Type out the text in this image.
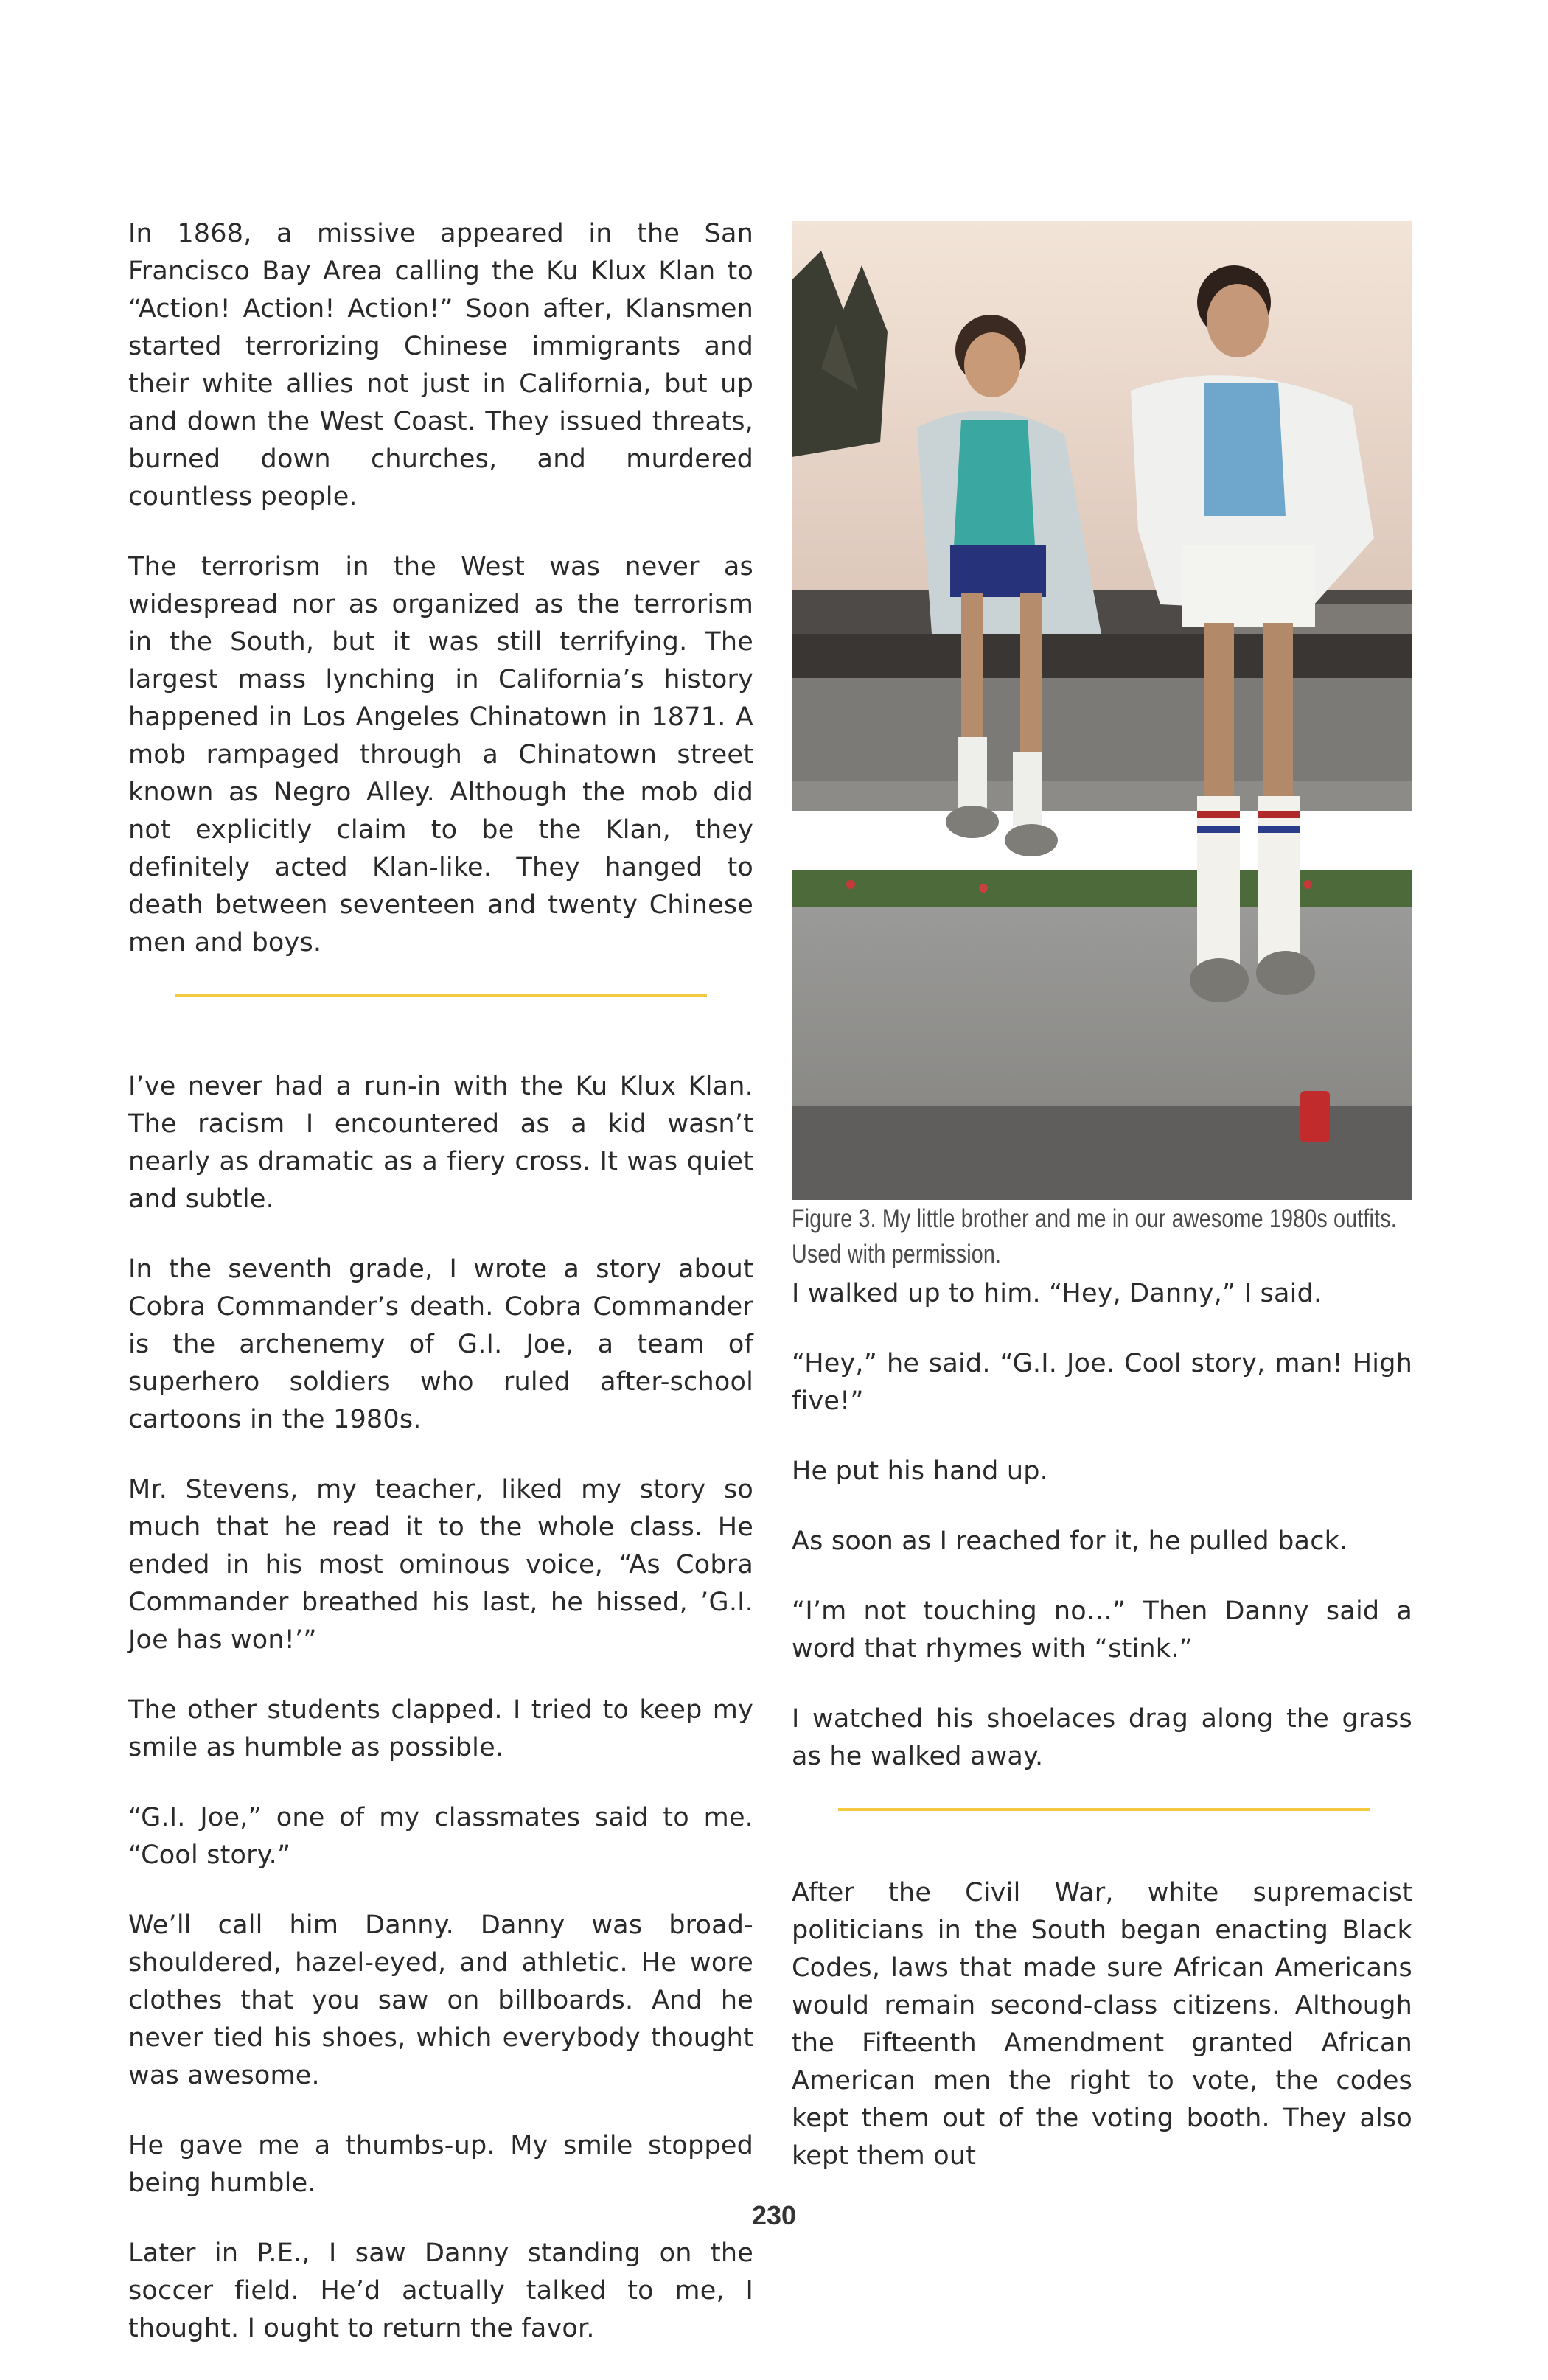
In 1868, a missive appeared in the San Francisco Bay Area calling the Ku Klux Klan to “Action! Action! Action!” Soon after, Klansmen started terrorizing Chinese immigrants and their white allies not just in California, but up and down the West Coast. They issued threats, burned down churches, and murdered countless people.

The terrorism in the West was never as widespread nor as organized as the terrorism in the South, but it was still terrifying. The largest mass lynching in California’s history happened in Los Angeles Chinatown in 1871. A mob rampaged through a Chinatown street known as Negro Alley. Although the mob did not explicitly claim to be the Klan, they definitely acted Klan-like. They hanged to death between seventeen and twenty Chinese men and boys.

I’ve never had a run-in with the Ku Klux Klan. The racism I encountered as a kid wasn’t nearly as dramatic as a fiery cross. It was quiet and subtle.

In the seventh grade, I wrote a story about Cobra Commander’s death. Cobra Commander is the archenemy of G.I. Joe, a team of superhero soldiers who ruled after-school cartoons in the 1980s.

Mr. Stevens, my teacher, liked my story so much that he read it to the whole class. He ended in his most ominous voice, “As Cobra Commander breathed his last, he hissed, ’G.I. Joe has won!’”

The other students clapped. I tried to keep my smile as humble as possible.

“G.I. Joe,” one of my classmates said to me. “Cool story.”

We’ll call him Danny. Danny was broad-shouldered, hazel-eyed, and athletic. He wore clothes that you saw on billboards. And he never tied his shoes, which everybody thought was awesome.

He gave me a thumbs-up. My smile stopped being humble.

Later in P.E., I saw Danny standing on the soccer field. He’d actually talked to me, I thought. I ought to return the favor.

Figure 3. My little brother and me in our awesome 1980s outfits.

Used with permission.

I walked up to him. “Hey, Danny,” I said.

“Hey,” he said. “G.I. Joe. Cool story, man! High five!”

He put his hand up.

As soon as I reached for it, he pulled back.

“I’m not touching no…” Then Danny said a word that rhymes with “stink.”

I watched his shoelaces drag along the grass as he walked away.

After the Civil War, white supremacist politicians in the South began enacting Black Codes, laws that made sure African Americans would remain second-class citizens. Although the Fifteenth Amendment granted African American men the right to vote, the codes kept them out of the voting booth. They also kept them out

230
